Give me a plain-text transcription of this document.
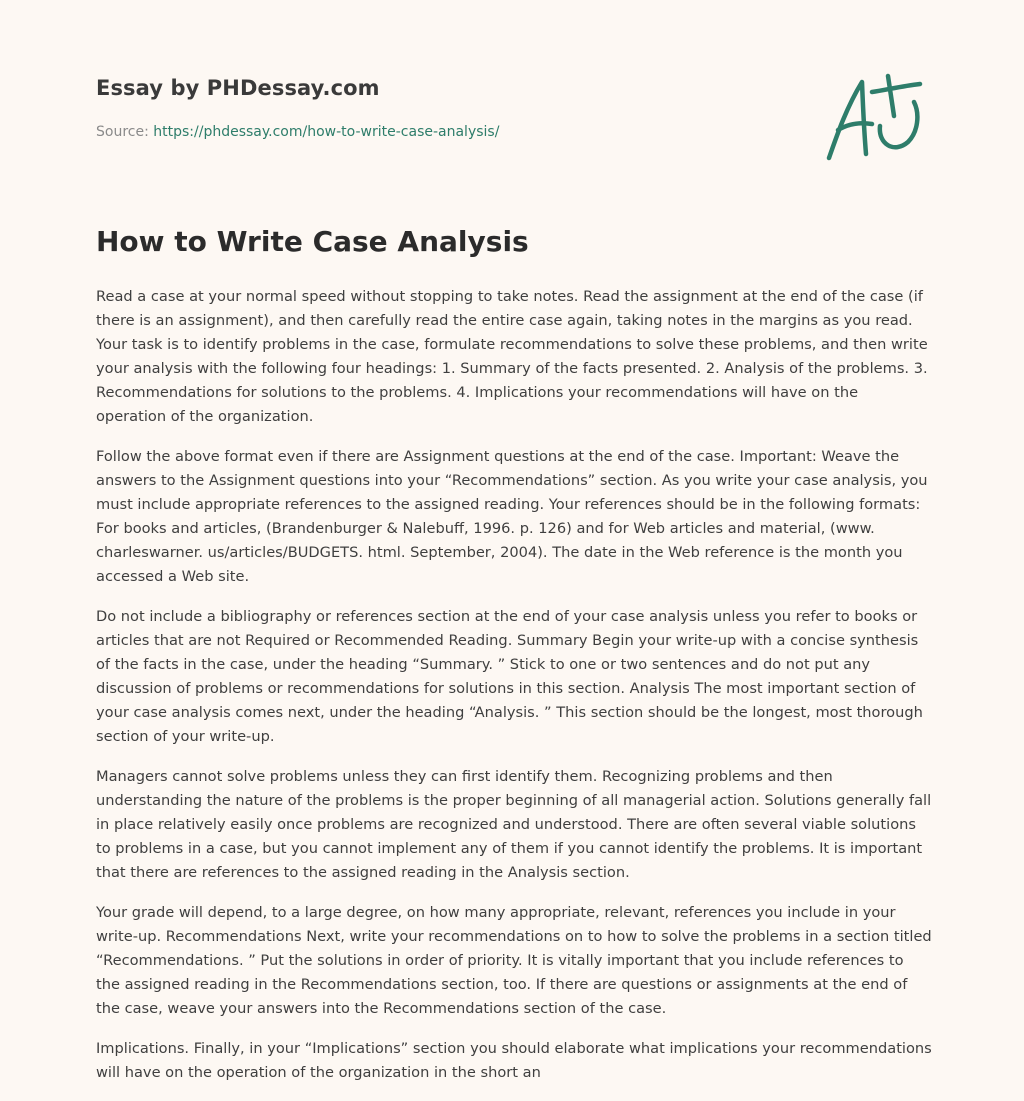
Essay by PHDessay.com
Source: https://phdessay.com/how-to-write-case-analysis/
How to Write Case Analysis

Read a case at your normal speed without stopping to take notes. Read the assignment at the end of the case (if there is an assignment), and then carefully read the entire case again, taking notes in the margins as you read. Your task is to identify problems in the case, formulate recommendations to solve these problems, and then write your analysis with the following four headings: 1. Summary of the facts presented. 2. Analysis of the problems. 3. Recommendations for solutions to the problems. 4. Implications your recommendations will have on the operation of the organization.

Follow the above format even if there are Assignment questions at the end of the case. Important: Weave the answers to the Assignment questions into your “Recommendations” section. As you write your case analysis, you must include appropriate references to the assigned reading. Your references should be in the following formats: For books and articles, (Brandenburger & Nalebuff, 1996. p. 126) and for Web articles and material, (www. charleswarner. us/articles/BUDGETS. html. September, 2004). The date in the Web reference is the month you accessed a Web site.

Do not include a bibliography or references section at the end of your case analysis unless you refer to books or articles that are not Required or Recommended Reading. Summary Begin your write-up with a concise synthesis of the facts in the case, under the heading “Summary. ” Stick to one or two sentences and do not put any discussion of problems or recommendations for solutions in this section. Analysis The most important section of your case analysis comes next, under the heading “Analysis. ” This section should be the longest, most thorough section of your write-up.

Managers cannot solve problems unless they can first identify them. Recognizing problems and then understanding the nature of the problems is the proper beginning of all managerial action. Solutions generally fall in place relatively easily once problems are recognized and understood. There are often several viable solutions to problems in a case, but you cannot implement any of them if you cannot identify the problems. It is important that there are references to the assigned reading in the Analysis section.

Your grade will depend, to a large degree, on how many appropriate, relevant, references you include in your write-up. Recommendations Next, write your recommendations on to how to solve the problems in a section titled “Recommendations. ” Put the solutions in order of priority. It is vitally important that you include references to the assigned reading in the Recommendations section, too. If there are questions or assignments at the end of the case, weave your answers into the Recommendations section of the case.

Implications. Finally, in your “Implications” section you should elaborate what implications your recommendations will have on the operation of the organization in the short an
